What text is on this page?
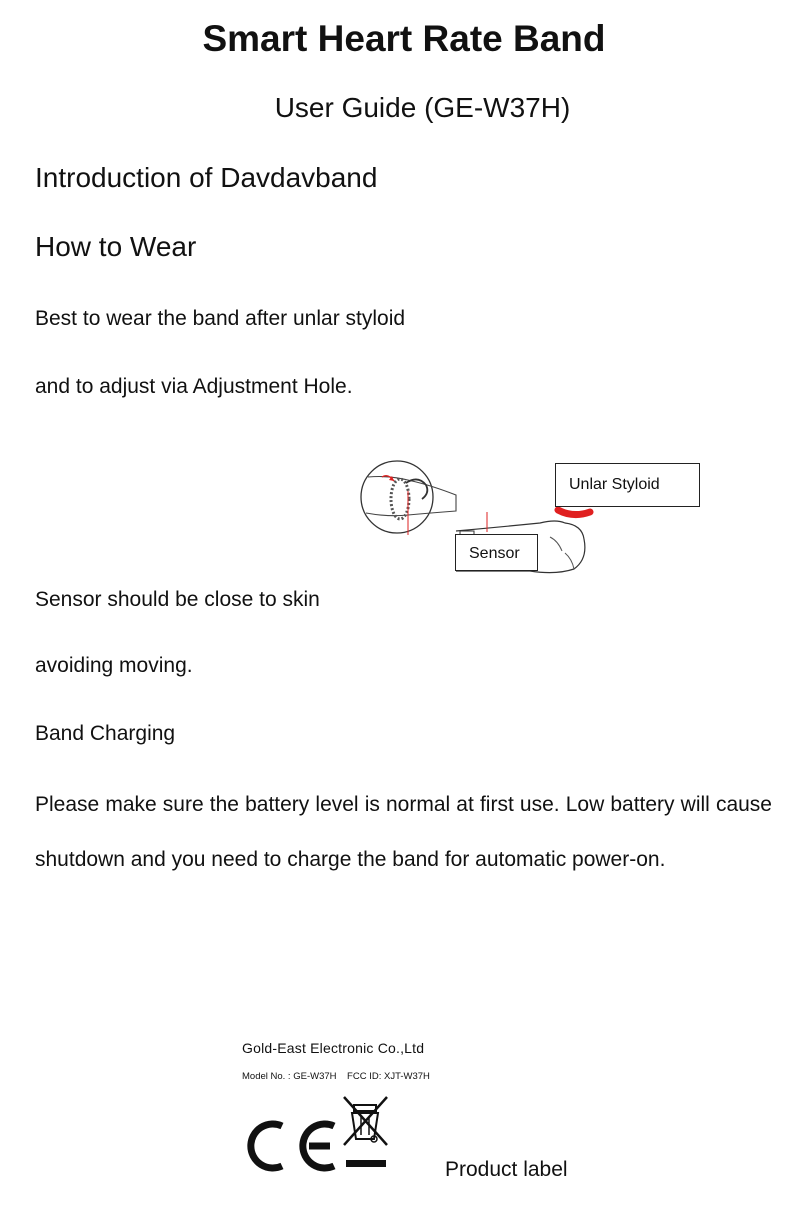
Smart Heart Rate Band
User Guide (GE-W37H)
Introduction of Davdavband
How to Wear
Best to wear the band after unlar styloid
and to adjust via Adjustment Hole.
Unlar Styloid
Sensor
Sensor should be close to skin
avoiding moving.
Band Charging
Please make sure the battery level is normal at first use. Low battery will cause shutdown and you need to charge the band for automatic power-on.
Gold-East Electronic Co.,Ltd
Model No. : GE-W37H    FCC ID: XJT-W37H
Product label
